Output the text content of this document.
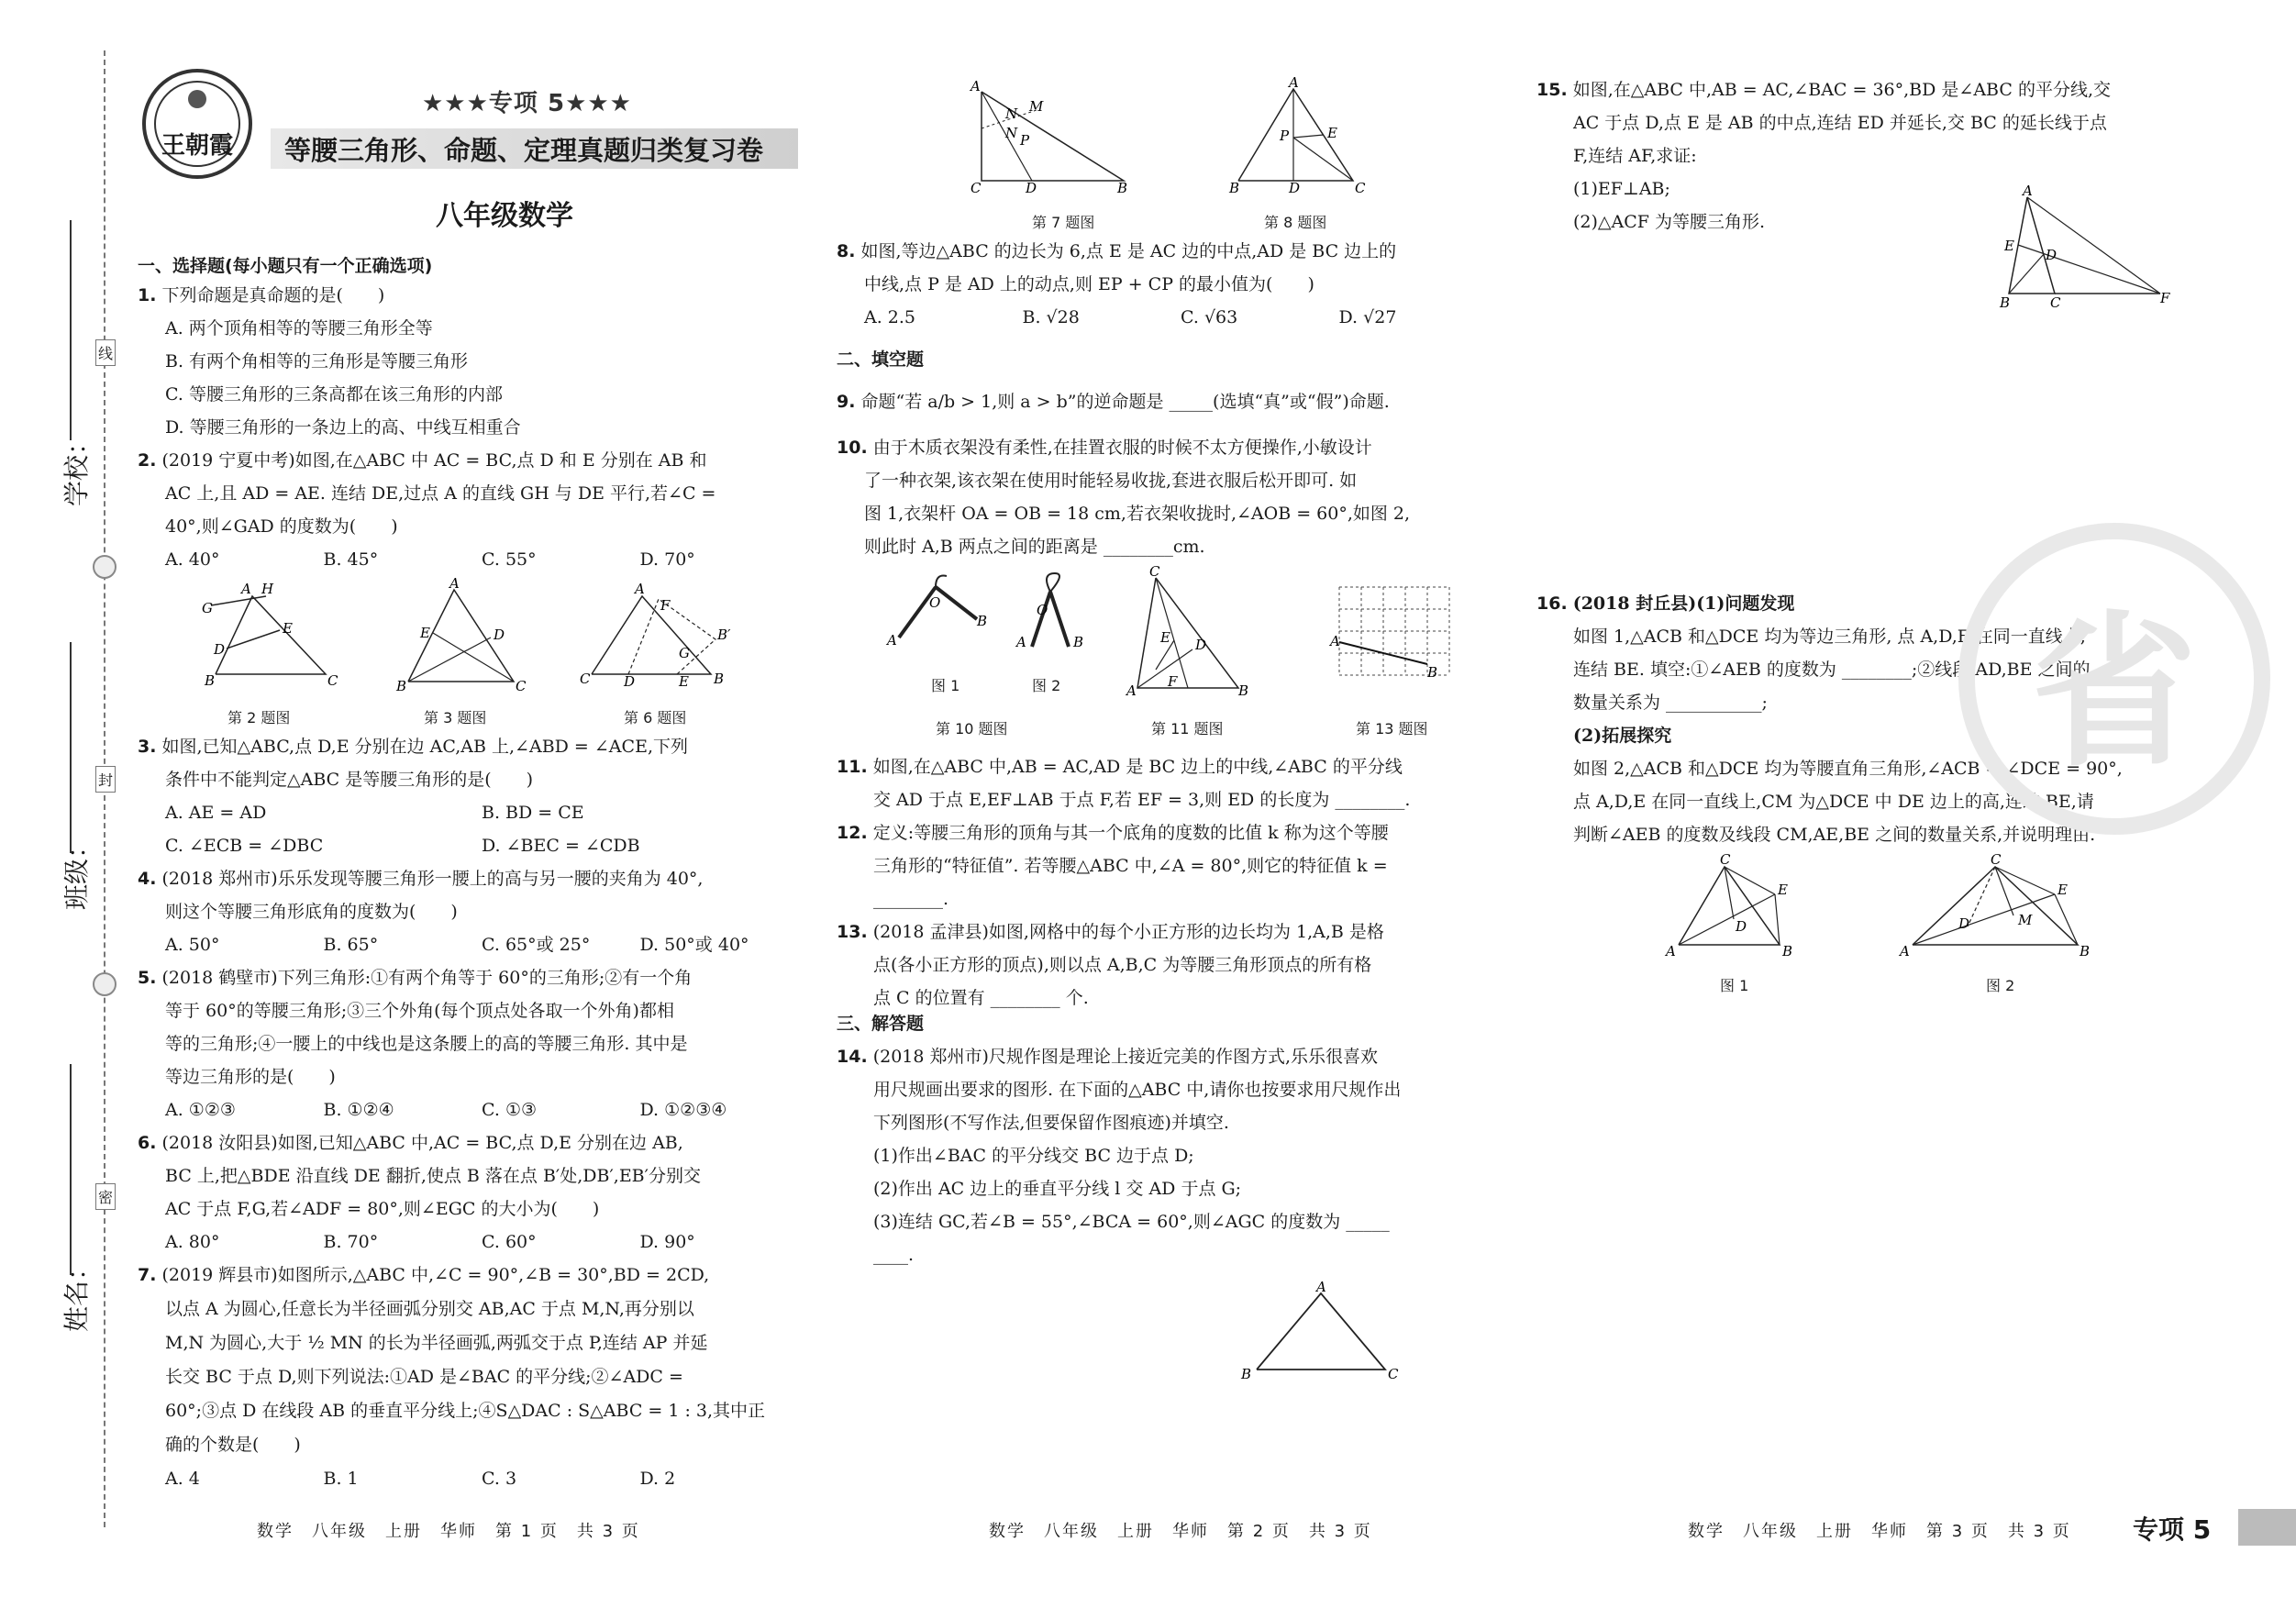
线
封
密
学校：
班级：
姓名：
王朝霞
★★★专项 5★★★
等腰三角形、命题、定理真题归类复习卷
八年级数学
一、选择题(每小题只有一个正确选项)
1. 下列命题是真命题的是(　　)
A. 两个顶角相等的等腰三角形全等
B. 有两个角相等的三角形是等腰三角形
C. 等腰三角形的三条高都在该三角形的内部
D. 等腰三角形的一条边上的高、中线互相重合
2. (2019 宁夏中考)如图,在△ABC 中 AC = BC,点 D 和 E 分别在 AB 和
AC 上,且 AD = AE. 连结 DE,过点 A 的直线 GH 与 DE 平行,若∠C =
40°,则∠GAD 的度数为(　　)
A. 40°	B. 45°	C. 55°	D. 70°
G
H
A
D
E
B	C
第 2 题图
A
E	D
B	C
第 3 题图
A
F
B′
G
D	E
C	B
第 6 题图
3. 如图,已知△ABC,点 D,E 分别在边 AC,AB 上,∠ABD = ∠ACE,下列
条件中不能判定△ABC 是等腰三角形的是(　　)
A. AE = AD	B. BD = CE
C. ∠ECB = ∠DBC	D. ∠BEC = ∠CDB
4. (2018 郑州市)乐乐发现等腰三角形一腰上的高与另一腰的夹角为 40°,
则这个等腰三角形底角的度数为(　　)
A. 50°	B. 65°	C. 65°或 25°	D. 50°或 40°
5. (2018 鹤壁市)下列三角形:①有两个角等于 60°的三角形;②有一个角
等于 60°的等腰三角形;③三个外角(每个顶点处各取一个外角)都相
等的三角形;④一腰上的中线也是这条腰上的高的等腰三角形. 其中是
等边三角形的是(　　)
A. ①②③	B. ①②④	C. ①③	D. ①②③④
6. (2018 汝阳县)如图,已知△ABC 中,AC = BC,点 D,E 分别在边 AB,
BC 上,把△BDE 沿直线 DE 翻折,使点 B 落在点 B′处,DB′,EB′分别交
AC 于点 F,G,若∠ADF = 80°,则∠EGC 的大小为(　　)
A. 80°	B. 70°	C. 60°	D. 90°
7. (2019 辉县市)如图所示,△ABC 中,∠C = 90°,∠B = 30°,BD = 2CD,
以点 A 为圆心,任意长为半径画弧分别交 AB,AC 于点 M,N,再分别以
M,N 为圆心,大于 ½ MN 的长为半径画弧,两弧交于点 P,连结 AP 并延
长交 BC 于点 D,则下列说法:①AD 是∠BAC 的平分线;②∠ADC =
60°;③点 D 在线段 AB 的垂直平分线上;④S△DAC : S△ABC = 1 : 3,其中正
确的个数是(　　)
A. 4	B. 1	C. 3	D. 2
数学　八年级　上册　华师　第 1 页　共 3 页
A
N
N
M
P
C	D	B
第 7 题图
A
P	E
B	D	C
第 8 题图
8. 如图,等边△ABC 的边长为 6,点 E 是 AC 边的中点,AD 是 BC 边上的
中线,点 P 是 AD 上的动点,则 EP + CP 的最小值为(　　)
A. 2.5	B. √28	C. √63	D. √27
二、填空题
9. 命题“若 a/b > 1,则 a > b”的逆命题是 _____(选填“真”或“假”)命题.
10. 由于木质衣架没有柔性,在挂置衣服的时候不太方便操作,小敏设计
了一种衣架,该衣架在使用时能轻易收拢,套进衣服后松开即可. 如
图 1,衣架杆 OA = OB = 18 cm,若衣架收拢时,∠AOB = 60°,如图 2,
则此时 A,B 两点之间的距离是 ________cm.
A
O
B
图 1
A
O
B
图 2
第 10 题图
C
E
F
D
A	B
第 11 题图
A
B
第 13 题图
11. 如图,在△ABC 中,AB = AC,AD 是 BC 边上的中线,∠ABC 的平分线
交 AD 于点 E,EF⊥AB 于点 F,若 EF = 3,则 ED 的长度为 ________.
12. 定义:等腰三角形的顶角与其一个底角的度数的比值 k 称为这个等腰
三角形的“特征值”. 若等腰△ABC 中,∠A = 80°,则它的特征值 k =
________.
13. (2018 孟津县)如图,网格中的每个小正方形的边长均为 1,A,B 是格
点(各小正方形的顶点),则以点 A,B,C 为等腰三角形顶点的所有格
点 C 的位置有 ________ 个.
三、解答题
14. (2018 郑州市)尺规作图是理论上接近完美的作图方式,乐乐很喜欢
用尺规画出要求的图形. 在下面的△ABC 中,请你也按要求用尺规作出
下列图形(不写作法,但要保留作图痕迹)并填空.
(1)作出∠BAC 的平分线交 BC 边于点 D;
(2)作出 AC 边上的垂直平分线 l 交 AD 于点 G;
(3)连结 GC,若∠B = 55°,∠BCA = 60°,则∠AGC 的度数为 _____
____.
A
B	C
数学　八年级　上册　华师　第 2 页　共 3 页
15. 如图,在△ABC 中,AB = AC,∠BAC = 36°,BD 是∠ABC 的平分线,交
AC 于点 D,点 E 是 AB 的中点,连结 ED 并延长,交 BC 的延长线于点
F,连结 AF,求证:
(1)EF⊥AB;
(2)△ACF 为等腰三角形.
A
E
D
B	C	F
16. (2018 封丘县)(1)问题发现
如图 1,△ACB 和△DCE 均为等边三角形, 点 A,D,E 在同一直线上,
连结 BE. 填空:①∠AEB 的度数为 ________;②线段 AD,BE 之间的
数量关系为 ___________;
(2)拓展探究
如图 2,△ACB 和△DCE 均为等腰直角三角形,∠ACB = ∠DCE = 90°,
点 A,D,E 在同一直线上,CM 为△DCE 中 DE 边上的高,连结 BE,请
判断∠AEB 的度数及线段 CM,AE,BE 之间的数量关系,并说明理由.
C
E
D
A	B
图 1
C
E
M
D
A	B
图 2
省
数学　八年级　上册　华师　第 3 页　共 3 页 专项 5
